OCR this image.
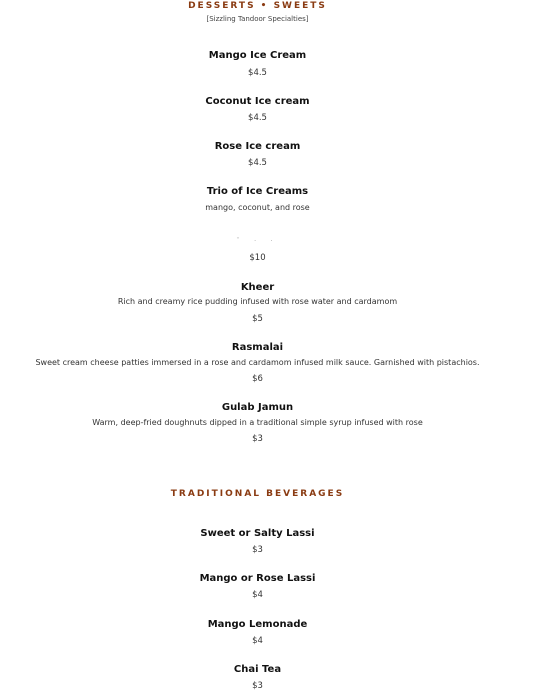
DESSERTS • SWEETS
[Sizzling Tandoor Specialties]
Mango Ice Cream
$4.5
Coconut Ice cream
$4.5
Rose Ice cream
$4.5
Trio of Ice Creams
mango, coconut, and rose
ˇ · ·
$10
Kheer
Rich and creamy rice pudding infused with rose water and cardamom
$5
Rasmalai
Sweet cream cheese patties immersed in a rose and cardamom infused milk sauce. Garnished with pistachios.
$6
Gulab Jamun
Warm, deep-fried doughnuts dipped in a traditional simple syrup infused with rose
$3
TRADITIONAL BEVERAGES
Sweet or Salty Lassi
$3
Mango or Rose Lassi
$4
Mango Lemonade
$4
Chai Tea
$3
